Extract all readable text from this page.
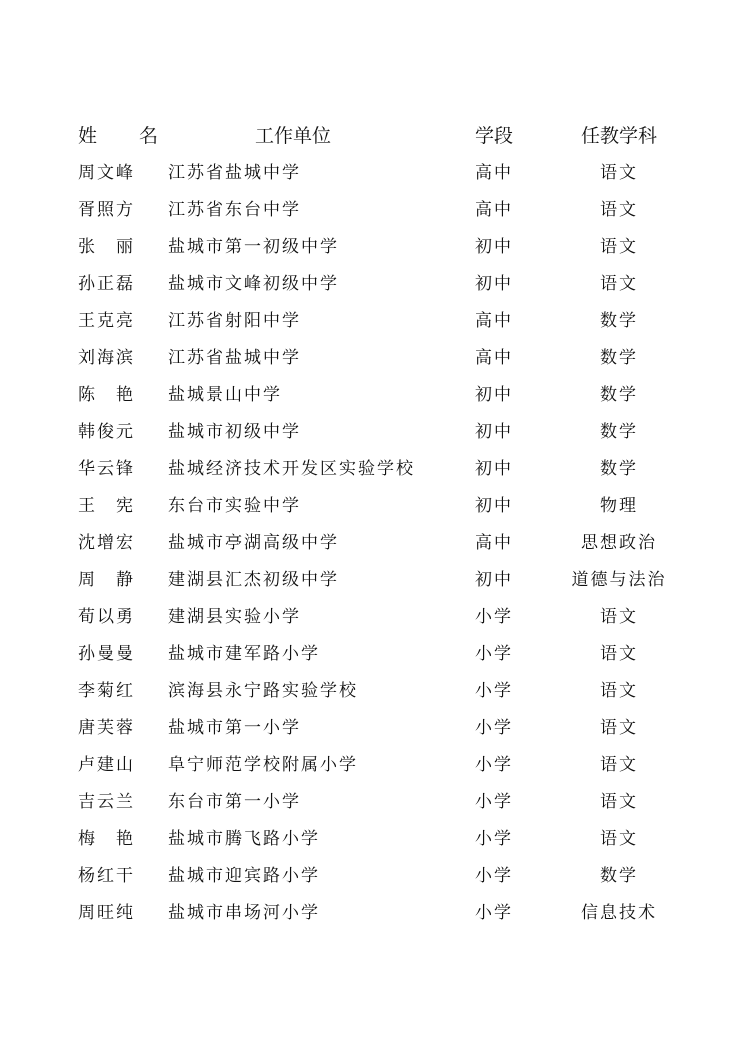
姓 名	工作单位	学段	任教学科
周文峰	江苏省盐城中学	高中	语文
胥照方	江苏省东台中学	高中	语文
张　丽	盐城市第一初级中学	初中	语文
孙正磊	盐城市文峰初级中学	初中	语文
王克亮	江苏省射阳中学	高中	数学
刘海滨	江苏省盐城中学	高中	数学
陈　艳	盐城景山中学	初中	数学
韩俊元	盐城市初级中学	初中	数学
华云锋	盐城经济技术开发区实验学校	初中	数学
王　宪	东台市实验中学	初中	物理
沈增宏	盐城市亭湖高级中学	高中	思想政治
周　静	建湖县汇杰初级中学	初中	道德与法治
荀以勇	建湖县实验小学	小学	语文
孙曼曼	盐城市建军路小学	小学	语文
李菊红	滨海县永宁路实验学校	小学	语文
唐芙蓉	盐城市第一小学	小学	语文
卢建山	阜宁师范学校附属小学	小学	语文
吉云兰	东台市第一小学	小学	语文
梅　艳	盐城市腾飞路小学	小学	语文
杨红干	盐城市迎宾路小学	小学	数学
周旺纯	盐城市串场河小学	小学	信息技术
